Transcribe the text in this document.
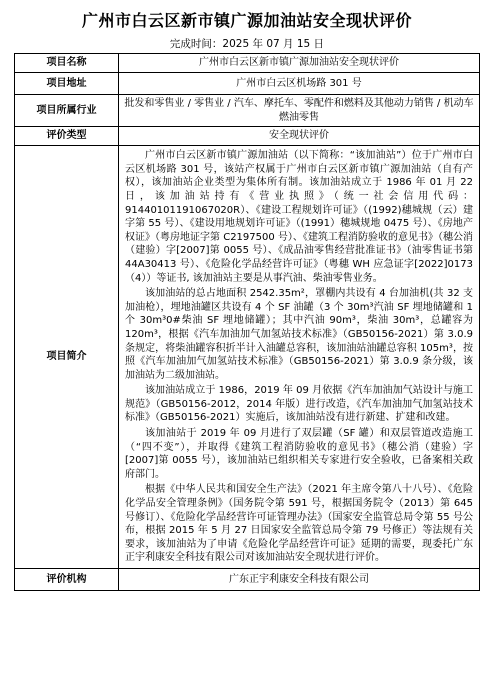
广州市白云区新市镇广源加油站安全现状评价
完成时间：2025 年 07 月 15 日
项目名称	广州市白云区新市镇广源加油站安全现状评价
项目地址	广州市白云区机场路 301 号
项目所属行业	批发和零售业 / 零售业 / 汽车、摩托车、零配件和燃料及其他动力销售 / 机动车燃油零售
评价类型	安全现状评价
项目简介	广州市白云区新市镇广源加油站（以下简称：“该加油站”）位于广州市白云区机场路 301 号，该站产权属于广州市白云区新市镇广源加油站（自有产权），该加油站企业类型为集体所有制。该加油站成立于 1986 年 01 月 22 日，该加油站持有《营业执照》（统一社会信用代码：91440101191067020R）、《建设工程规划许可证》（(1992)穗城规（云）建字第 55 号）、《建设用地规划许可证》（(1991）穗城规地 0475 号）、《房地产权证》（粤房地证字第 C2197500 号）、《建筑工程消防验收的意见书》（穗公消（建验）字[2007]第 0055 号）、《成品油零售经营批准证书》（油零售证书第 44A30413 号）、《危险化学品经营许可证》（粤穗 WH 应急证字[2022]0173（4））等证书, 该加油站主要是从事汽油、柴油零售业务。

该加油站的总占地面积 2542.35m²，罩棚内共设有 4 台加油机(共 32 支加油枪），埋地油罐区共设有 4 个 SF 油罐（3 个 30m³汽油 SF 埋地储罐和 1 个 30m³0#柴油 SF 埋地储罐）；其中汽油 90m³，柴油 30m³，总罐容为 120m³，根据《汽车加油加气加氢站技术标准》（GB50156-2021）第 3.0.9 条规定，将柴油罐容积折半计入油罐总容积，该加油站油罐总容积 105m³，按照《汽车加油加气加氢站技术标准》（GB50156-2021）第 3.0.9 条分级，该加油站为二级加油站。

该加油站成立于 1986，2019 年 09 月依据《汽车加油加气站设计与施工规范》（GB50156-2012，2014 年版）进行改造，《汽车加油加气加氢站技术标准》（GB50156-2021）实施后，该加油站没有进行新建、扩建和改建。

该加油站于 2019 年 09 月进行了双层罐（SF 罐）和双层管道改造施工（“四不变”），并取得《建筑工程消防验收的意见书》（穗公消（建验）字[2007]第 0055 号），该加油站已组织相关专家进行安全验收，已备案相关政府部门。

根据《中华人民共和国安全生产法》（2021 年主席令第八十八号）、《危险化学品安全管理条例》（国务院令第 591 号，根据国务院令（2013）第 645 号修订）、《危险化学品经营许可证管理办法》（国家安全监管总局令第 55 号公布，根据 2015 年 5 月 27 日国家安全监管总局令第 79 号修正）等法规有关要求，该加油站为了申请《危险化学品经营许可证》延期的需要，现委托广东正宇利康安全科技有限公司对该加油站安全现状进行评价。

评价机构	广东正宇利康安全科技有限公司
